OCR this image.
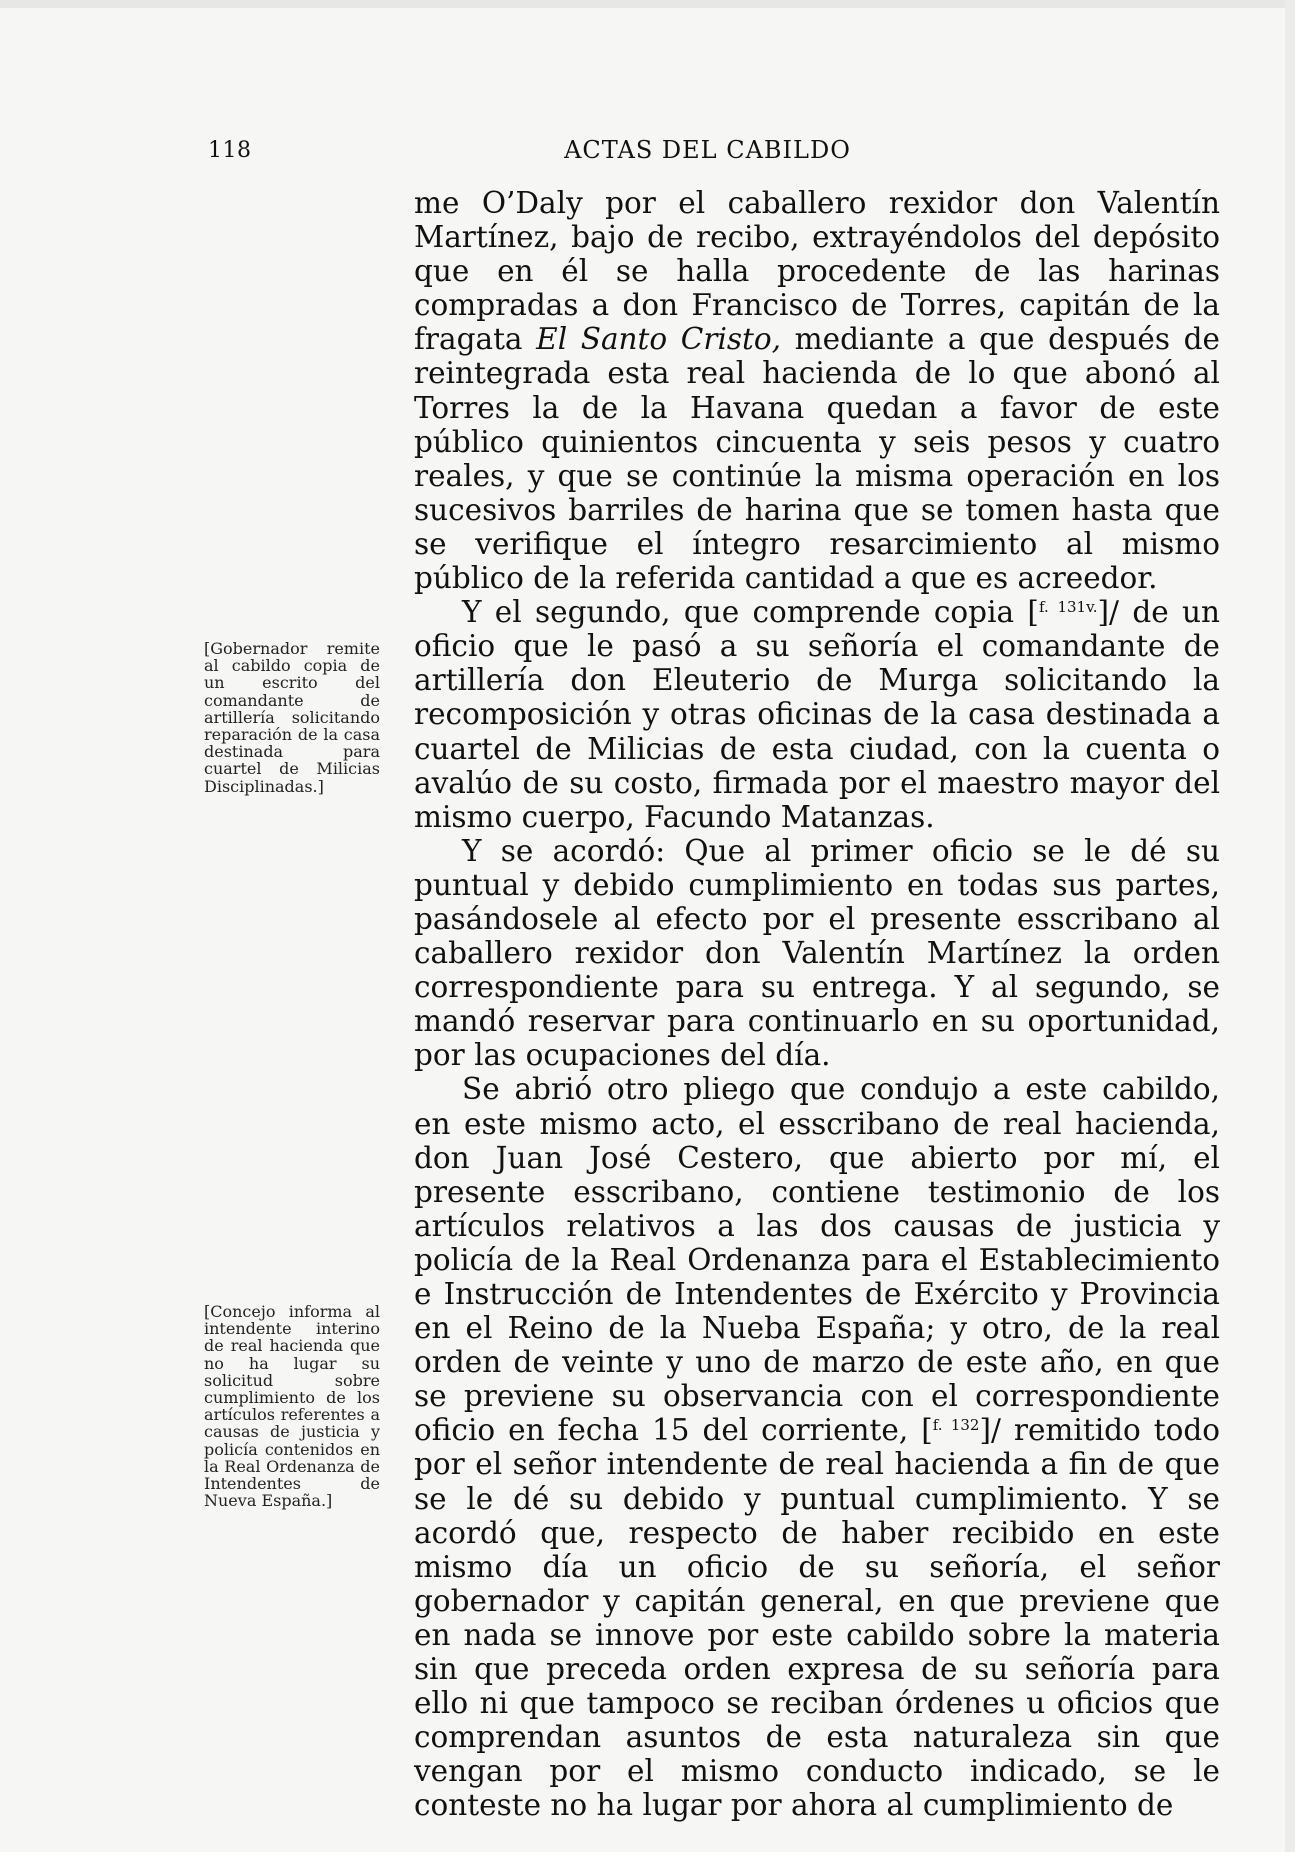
118	ACTAS DEL CABILDO
[Gobernador remite al cabildo copia de un escrito del comandante de artillería solicitando reparación de la casa destinada para cuartel de Milicias Disciplinadas.]
[Concejo informa al intendente interino de real hacienda que no ha lugar su solicitud sobre cumplimiento de los artículos referentes a causas de justicia y policía contenidos en la Real Ordenanza de Intendentes de Nueva España.]

me O’Daly por el caballero rexidor don Valentín Martínez, bajo de recibo, extrayéndolos del depósito que en él se halla procedente de las harinas compradas a don Francisco de Torres, capitán de la fragata El Santo Cristo, mediante a que después de reintegrada esta real hacienda de lo que abonó al Torres la de la Havana quedan a favor de este público quinientos cincuenta y seis pesos y cuatro reales, y que se continúe la misma operación en los sucesivos barriles de harina que se tomen hasta que se verifique el íntegro resarcimiento al mismo público de la referida cantidad a que es acreedor.

Y el segundo, que comprende copia [$^{f. 131v.}$]/ de un oficio que le pasó a su señoría el comandante de artillería don Eleuterio de Murga solicitando la recomposición y otras oficinas de la casa destinada a cuartel de Milicias de esta ciudad, con la cuenta o avalúo de su costo, firmada por el maestro mayor del mismo cuerpo, Facundo Matanzas.

Y se acordó: Que al primer oficio se le dé su puntual y debido cumplimiento en todas sus partes, pasándosele al efecto por el presente esscribano al caballero rexidor don Valentín Martínez la orden correspondiente para su entrega. Y al segundo, se mandó reservar para continuarlo en su oportunidad, por las ocupaciones del día.

Se abrió otro pliego que condujo a este cabildo, en este mismo acto, el esscribano de real hacienda, don Juan José Cestero, que abierto por mí, el presente esscribano, contiene testimonio de los artículos relativos a las dos causas de justicia y policía de la Real Ordenanza para el Establecimiento e Instrucción de Intendentes de Exército y Provincia en el Reino de la Nueba España; y otro, de la real orden de veinte y uno de marzo de este año, en que se previene su observancia con el correspondiente oficio en fecha 15 del corriente, [$^{f. 132}$]/ remitido todo por el señor intendente de real hacienda a fin de que se le dé su debido y puntual cumplimiento. Y se acordó que, respecto de haber recibido en este mismo día un oficio de su señoría, el señor gobernador y capitán general, en que previene que en nada se innove por este cabildo sobre la materia sin que preceda orden expresa de su señoría para ello ni que tampoco se reciban órdenes u oficios que comprendan asuntos de esta naturaleza sin que vengan por el mismo conducto indicado, se le conteste no ha lugar por ahora al cumplimiento de
